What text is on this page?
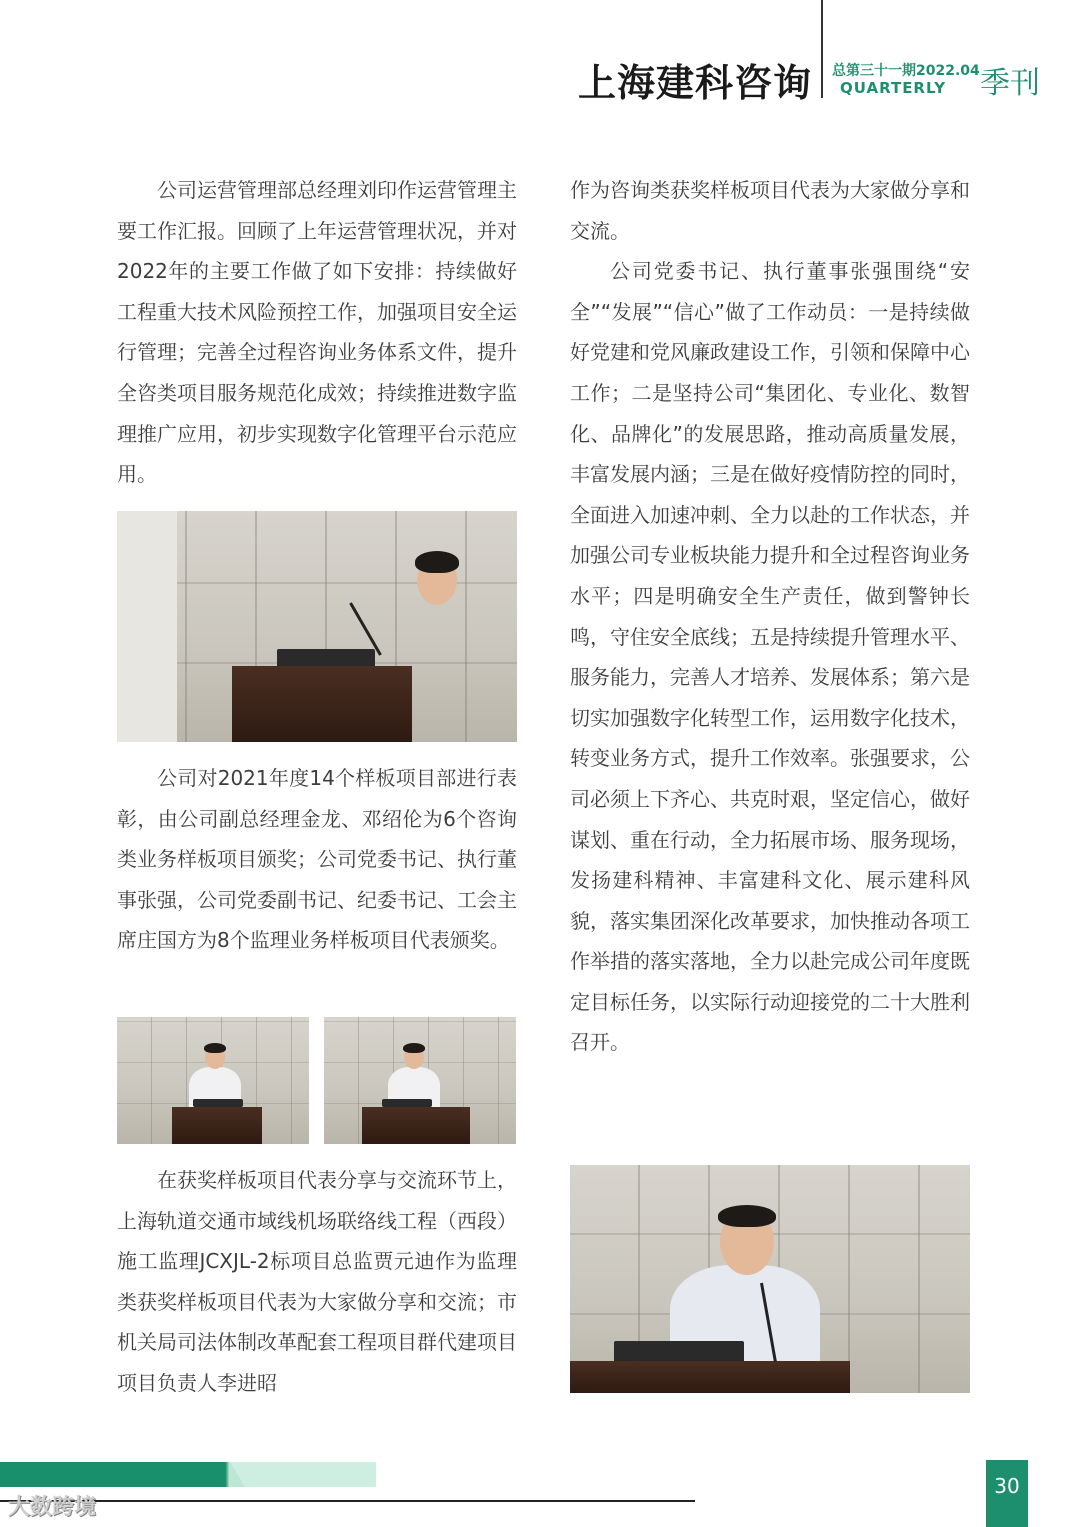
上海建科咨询 总第三十一期2022.04
QUARTERLY 季刊

公司运营管理部总经理刘印作运营管理主要工作汇报。回顾了上年运营管理状况，并对2022年的主要工作做了如下安排：持续做好工程重大技术风险预控工作，加强项目安全运行管理；完善全过程咨询业务体系文件，提升全咨类项目服务规范化成效；持续推进数字监理推广应用，初步实现数字化管理平台示范应用。

公司对2021年度14个样板项目部进行表彰，由公司副总经理金龙、邓绍伦为6个咨询类业务样板项目颁奖；公司党委书记、执行董事张强，公司党委副书记、纪委书记、工会主席庄国方为8个监理业务样板项目代表颁奖。

在获奖样板项目代表分享与交流环节上，上海轨道交通市域线机场联络线工程（西段）施工监理JCXJL-2标项目总监贾元迪作为监理类获奖样板项目代表为大家做分享和交流；市机关局司法体制改革配套工程项目群代建项目项目负责人李进昭

作为咨询类获奖样板项目代表为大家做分享和交流。

公司党委书记、执行董事张强围绕“安全”“发展”“信心”做了工作动员：一是持续做好党建和党风廉政建设工作，引领和保障中心工作；二是坚持公司“集团化、专业化、数智化、品牌化”的发展思路，推动高质量发展，丰富发展内涵；三是在做好疫情防控的同时，全面进入加速冲刺、全力以赴的工作状态，并加强公司专业板块能力提升和全过程咨询业务水平；四是明确安全生产责任，做到警钟长鸣，守住安全底线；五是持续提升管理水平、服务能力，完善人才培养、发展体系；第六是切实加强数字化转型工作，运用数字化技术，转变业务方式，提升工作效率。张强要求，公司必须上下齐心、共克时艰，坚定信心，做好谋划、重在行动，全力拓展市场、服务现场，发扬建科精神、丰富建科文化、展示建科风貌，落实集团深化改革要求，加快推动各项工作举措的落实落地，全力以赴完成公司年度既定目标任务，以实际行动迎接党的二十大胜利召开。

30
大数跨境
